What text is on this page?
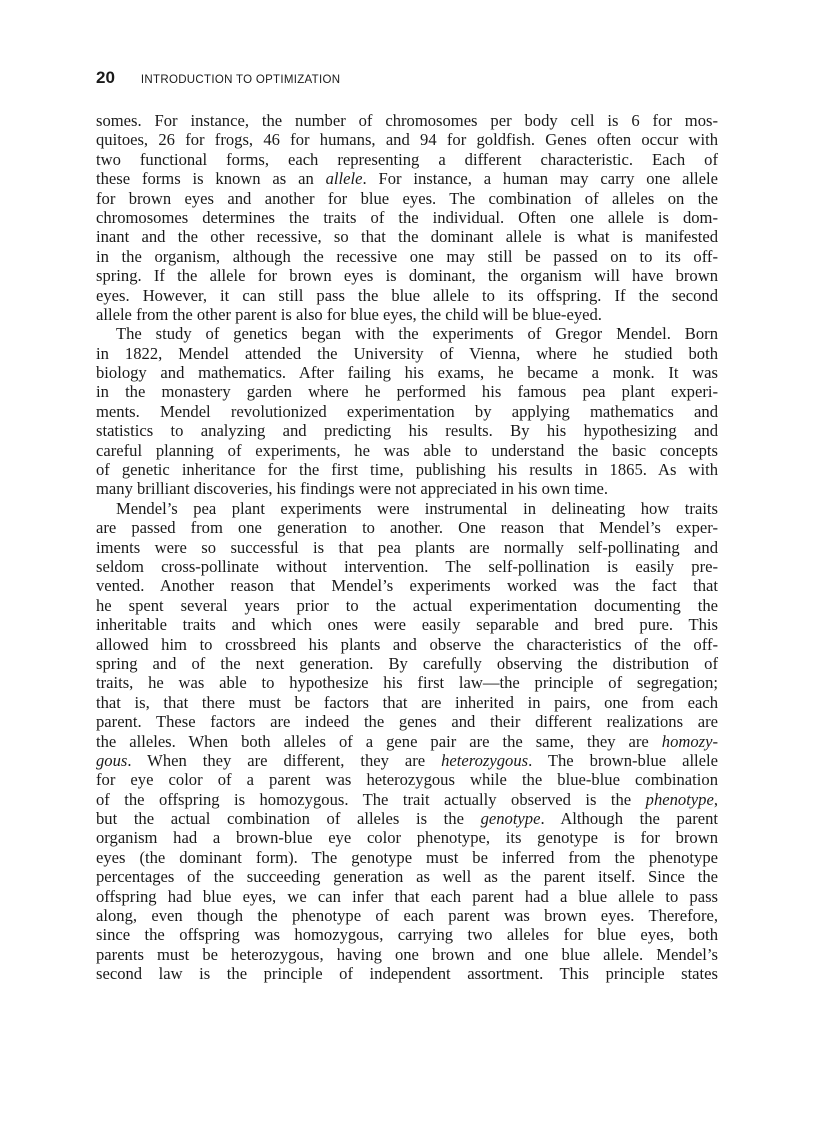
20 INTRODUCTION TO OPTIMIZATION
somes. For instance, the number of chromosomes per body cell is 6 for mos-
quitoes, 26 for frogs, 46 for humans, and 94 for goldfish. Genes often occur with
two functional forms, each representing a different characteristic. Each of
these forms is known as an allele. For instance, a human may carry one allele
for brown eyes and another for blue eyes. The combination of alleles on the
chromosomes determines the traits of the individual. Often one allele is dom-
inant and the other recessive, so that the dominant allele is what is manifested
in the organism, although the recessive one may still be passed on to its off-
spring. If the allele for brown eyes is dominant, the organism will have brown
eyes. However, it can still pass the blue allele to its offspring. If the second
allele from the other parent is also for blue eyes, the child will be blue-eyed.
The study of genetics began with the experiments of Gregor Mendel. Born
in 1822, Mendel attended the University of Vienna, where he studied both
biology and mathematics. After failing his exams, he became a monk. It was
in the monastery garden where he performed his famous pea plant experi-
ments. Mendel revolutionized experimentation by applying mathematics and
statistics to analyzing and predicting his results. By his hypothesizing and
careful planning of experiments, he was able to understand the basic concepts
of genetic inheritance for the first time, publishing his results in 1865. As with
many brilliant discoveries, his findings were not appreciated in his own time.
Mendel’s pea plant experiments were instrumental in delineating how traits
are passed from one generation to another. One reason that Mendel’s exper-
iments were so successful is that pea plants are normally self-pollinating and
seldom cross-pollinate without intervention. The self-pollination is easily pre-
vented. Another reason that Mendel’s experiments worked was the fact that
he spent several years prior to the actual experimentation documenting the
inheritable traits and which ones were easily separable and bred pure. This
allowed him to crossbreed his plants and observe the characteristics of the off-
spring and of the next generation. By carefully observing the distribution of
traits, he was able to hypothesize his first law—the principle of segregation;
that is, that there must be factors that are inherited in pairs, one from each
parent. These factors are indeed the genes and their different realizations are
the alleles. When both alleles of a gene pair are the same, they are homozy-
gous. When they are different, they are heterozygous. The brown-blue allele
for eye color of a parent was heterozygous while the blue-blue combination
of the offspring is homozygous. The trait actually observed is the phenotype,
but the actual combination of alleles is the genotype. Although the parent
organism had a brown-blue eye color phenotype, its genotype is for brown
eyes (the dominant form). The genotype must be inferred from the phenotype
percentages of the succeeding generation as well as the parent itself. Since the
offspring had blue eyes, we can infer that each parent had a blue allele to pass
along, even though the phenotype of each parent was brown eyes. Therefore,
since the offspring was homozygous, carrying two alleles for blue eyes, both
parents must be heterozygous, having one brown and one blue allele. Mendel’s
second law is the principle of independent assortment. This principle states
